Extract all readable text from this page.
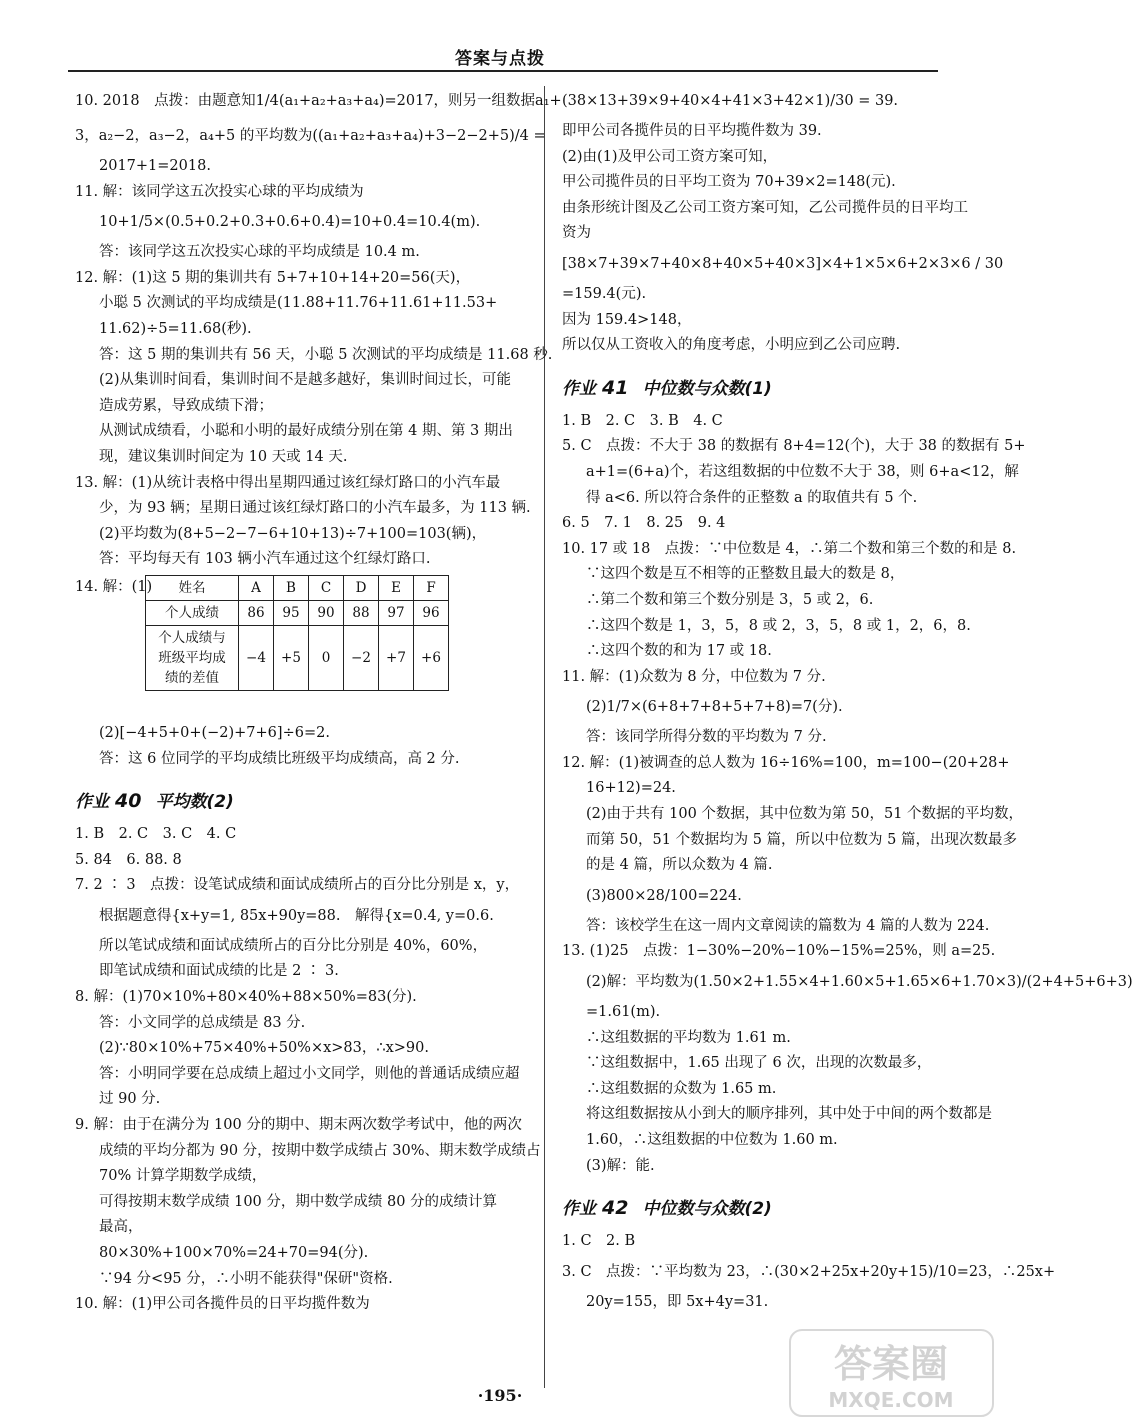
答案与点拨
10. 2018　点拨：由题意知1/4(a₁+a₂+a₃+a₄)=2017，则另一组数据a₁+
3，a₂−2，a₃−2，a₄+5 的平均数为((a₁+a₂+a₃+a₄)+3−2−2+5)/4 =
2017+1=2018.
11. 解：该同学这五次投实心球的平均成绩为
10+1/5×(0.5+0.2+0.3+0.6+0.4)=10+0.4=10.4(m).
答：该同学这五次投实心球的平均成绩是 10.4 m.
12. 解：(1)这 5 期的集训共有 5+7+10+14+20=56(天)，
小聪 5 次测试的平均成绩是(11.88+11.76+11.61+11.53+
11.62)÷5=11.68(秒).
答：这 5 期的集训共有 56 天，小聪 5 次测试的平均成绩是 11.68 秒.
(2)从集训时间看，集训时间不是越多越好，集训时间过长，可能
造成劳累，导致成绩下滑；
从测试成绩看，小聪和小明的最好成绩分别在第 4 期、第 3 期出
现，建议集训时间定为 10 天或 14 天.
13. 解：(1)从统计表格中得出星期四通过该红绿灯路口的小汽车最
少，为 93 辆；星期日通过该红绿灯路口的小汽车最多，为 113 辆.
(2)平均数为(8+5−2−7−6+10+13)÷7+100=103(辆)，
答：平均每天有 103 辆小汽车通过这个红绿灯路口.
14. 解：(1) 姓名	A	B	C	D	E	F
个人成绩	86	95	90	88	97	96

个人成绩与
班级平均成
绩的差值	−4	+5	0	−2	+7	+6
(2)[−4+5+0+(−2)+7+6]÷6=2.
答：这 6 位同学的平均成绩比班级平均成绩高，高 2 分.
作业 40 平均数(2)
1. B　2. C　3. C　4. C
5. 84　6. 88. 8
7. 2 ∶ 3　点拨：设笔试成绩和面试成绩所占的百分比分别是 x，y，
根据题意得{x+y=1, 85x+90y=88.　解得{x=0.4, y=0.6.
所以笔试成绩和面试成绩所占的百分比分别是 40%，60%，
即笔试成绩和面试成绩的比是 2 ∶ 3.
8. 解：(1)70×10%+80×40%+88×50%=83(分).
答：小文同学的总成绩是 83 分.
(2)∵80×10%+75×40%+50%×x>83，∴x>90.
答：小明同学要在总成绩上超过小文同学，则他的普通话成绩应超
过 90 分.
9. 解：由于在满分为 100 分的期中、期末两次数学考试中，他的两次
成绩的平均分都为 90 分，按期中数学成绩占 30%、期末数学成绩占
70% 计算学期数学成绩，
可得按期末数学成绩 100 分，期中数学成绩 80 分的成绩计算
最高，
80×30%+100×70%=24+70=94(分).
∵94 分<95 分，∴小明不能获得"保研"资格.
10. 解：(1)甲公司各揽件员的日平均揽件数为
(38×13+39×9+40×4+41×3+42×1)/30 = 39.
即甲公司各揽件员的日平均揽件数为 39.
(2)由(1)及甲公司工资方案可知，
甲公司揽件员的日平均工资为 70+39×2=148(元).
由条形统计图及乙公司工资方案可知，乙公司揽件员的日平均工
资为
[38×7+39×7+40×8+40×5+40×3]×4+1×5×6+2×3×6 / 30
=159.4(元).
因为 159.4>148，
所以仅从工资收入的角度考虑，小明应到乙公司应聘.
作业 41 中位数与众数(1)
1. B　2. C　3. B　4. C
5. C　点拨：不大于 38 的数据有 8+4=12(个)，大于 38 的数据有 5+
a+1=(6+a)个，若这组数据的中位数不大于 38，则 6+a<12，解
得 a<6. 所以符合条件的正整数 a 的取值共有 5 个.
6. 5　7. 1　8. 25　9. 4
10. 17 或 18　点拨：∵中位数是 4，∴第二个数和第三个数的和是 8.
∵这四个数是互不相等的正整数且最大的数是 8，
∴第二个数和第三个数分别是 3，5 或 2，6.
∴这四个数是 1，3，5，8 或 2，3，5，8 或 1，2，6，8.
∴这四个数的和为 17 或 18.
11. 解：(1)众数为 8 分，中位数为 7 分.
(2)1/7×(6+8+7+8+5+7+8)=7(分).
答：该同学所得分数的平均数为 7 分.
12. 解：(1)被调查的总人数为 16÷16%=100，m=100−(20+28+
16+12)=24.
(2)由于共有 100 个数据，其中位数为第 50，51 个数据的平均数，
而第 50，51 个数据均为 5 篇，所以中位数为 5 篇，出现次数最多
的是 4 篇，所以众数为 4 篇.
(3)800×28/100=224.
答：该校学生在这一周内文章阅读的篇数为 4 篇的人数为 224.
13. (1)25　点拨：1−30%−20%−10%−15%=25%，则 a=25.
(2)解：平均数为(1.50×2+1.55×4+1.60×5+1.65×6+1.70×3)/(2+4+5+6+3)
=1.61(m).
∴这组数据的平均数为 1.61 m.
∵这组数据中，1.65 出现了 6 次，出现的次数最多，
∴这组数据的众数为 1.65 m.
将这组数据按从小到大的顺序排列，其中处于中间的两个数都是
1.60，∴这组数据的中位数为 1.60 m.
(3)解：能.
作业 42 中位数与众数(2)
1. C　2. B
3. C　点拨：∵平均数为 23，∴(30×2+25x+20y+15)/10=23，∴25x+
20y=155，即 5x+4y=31.
·195·
答案圈
MXQE.COM
